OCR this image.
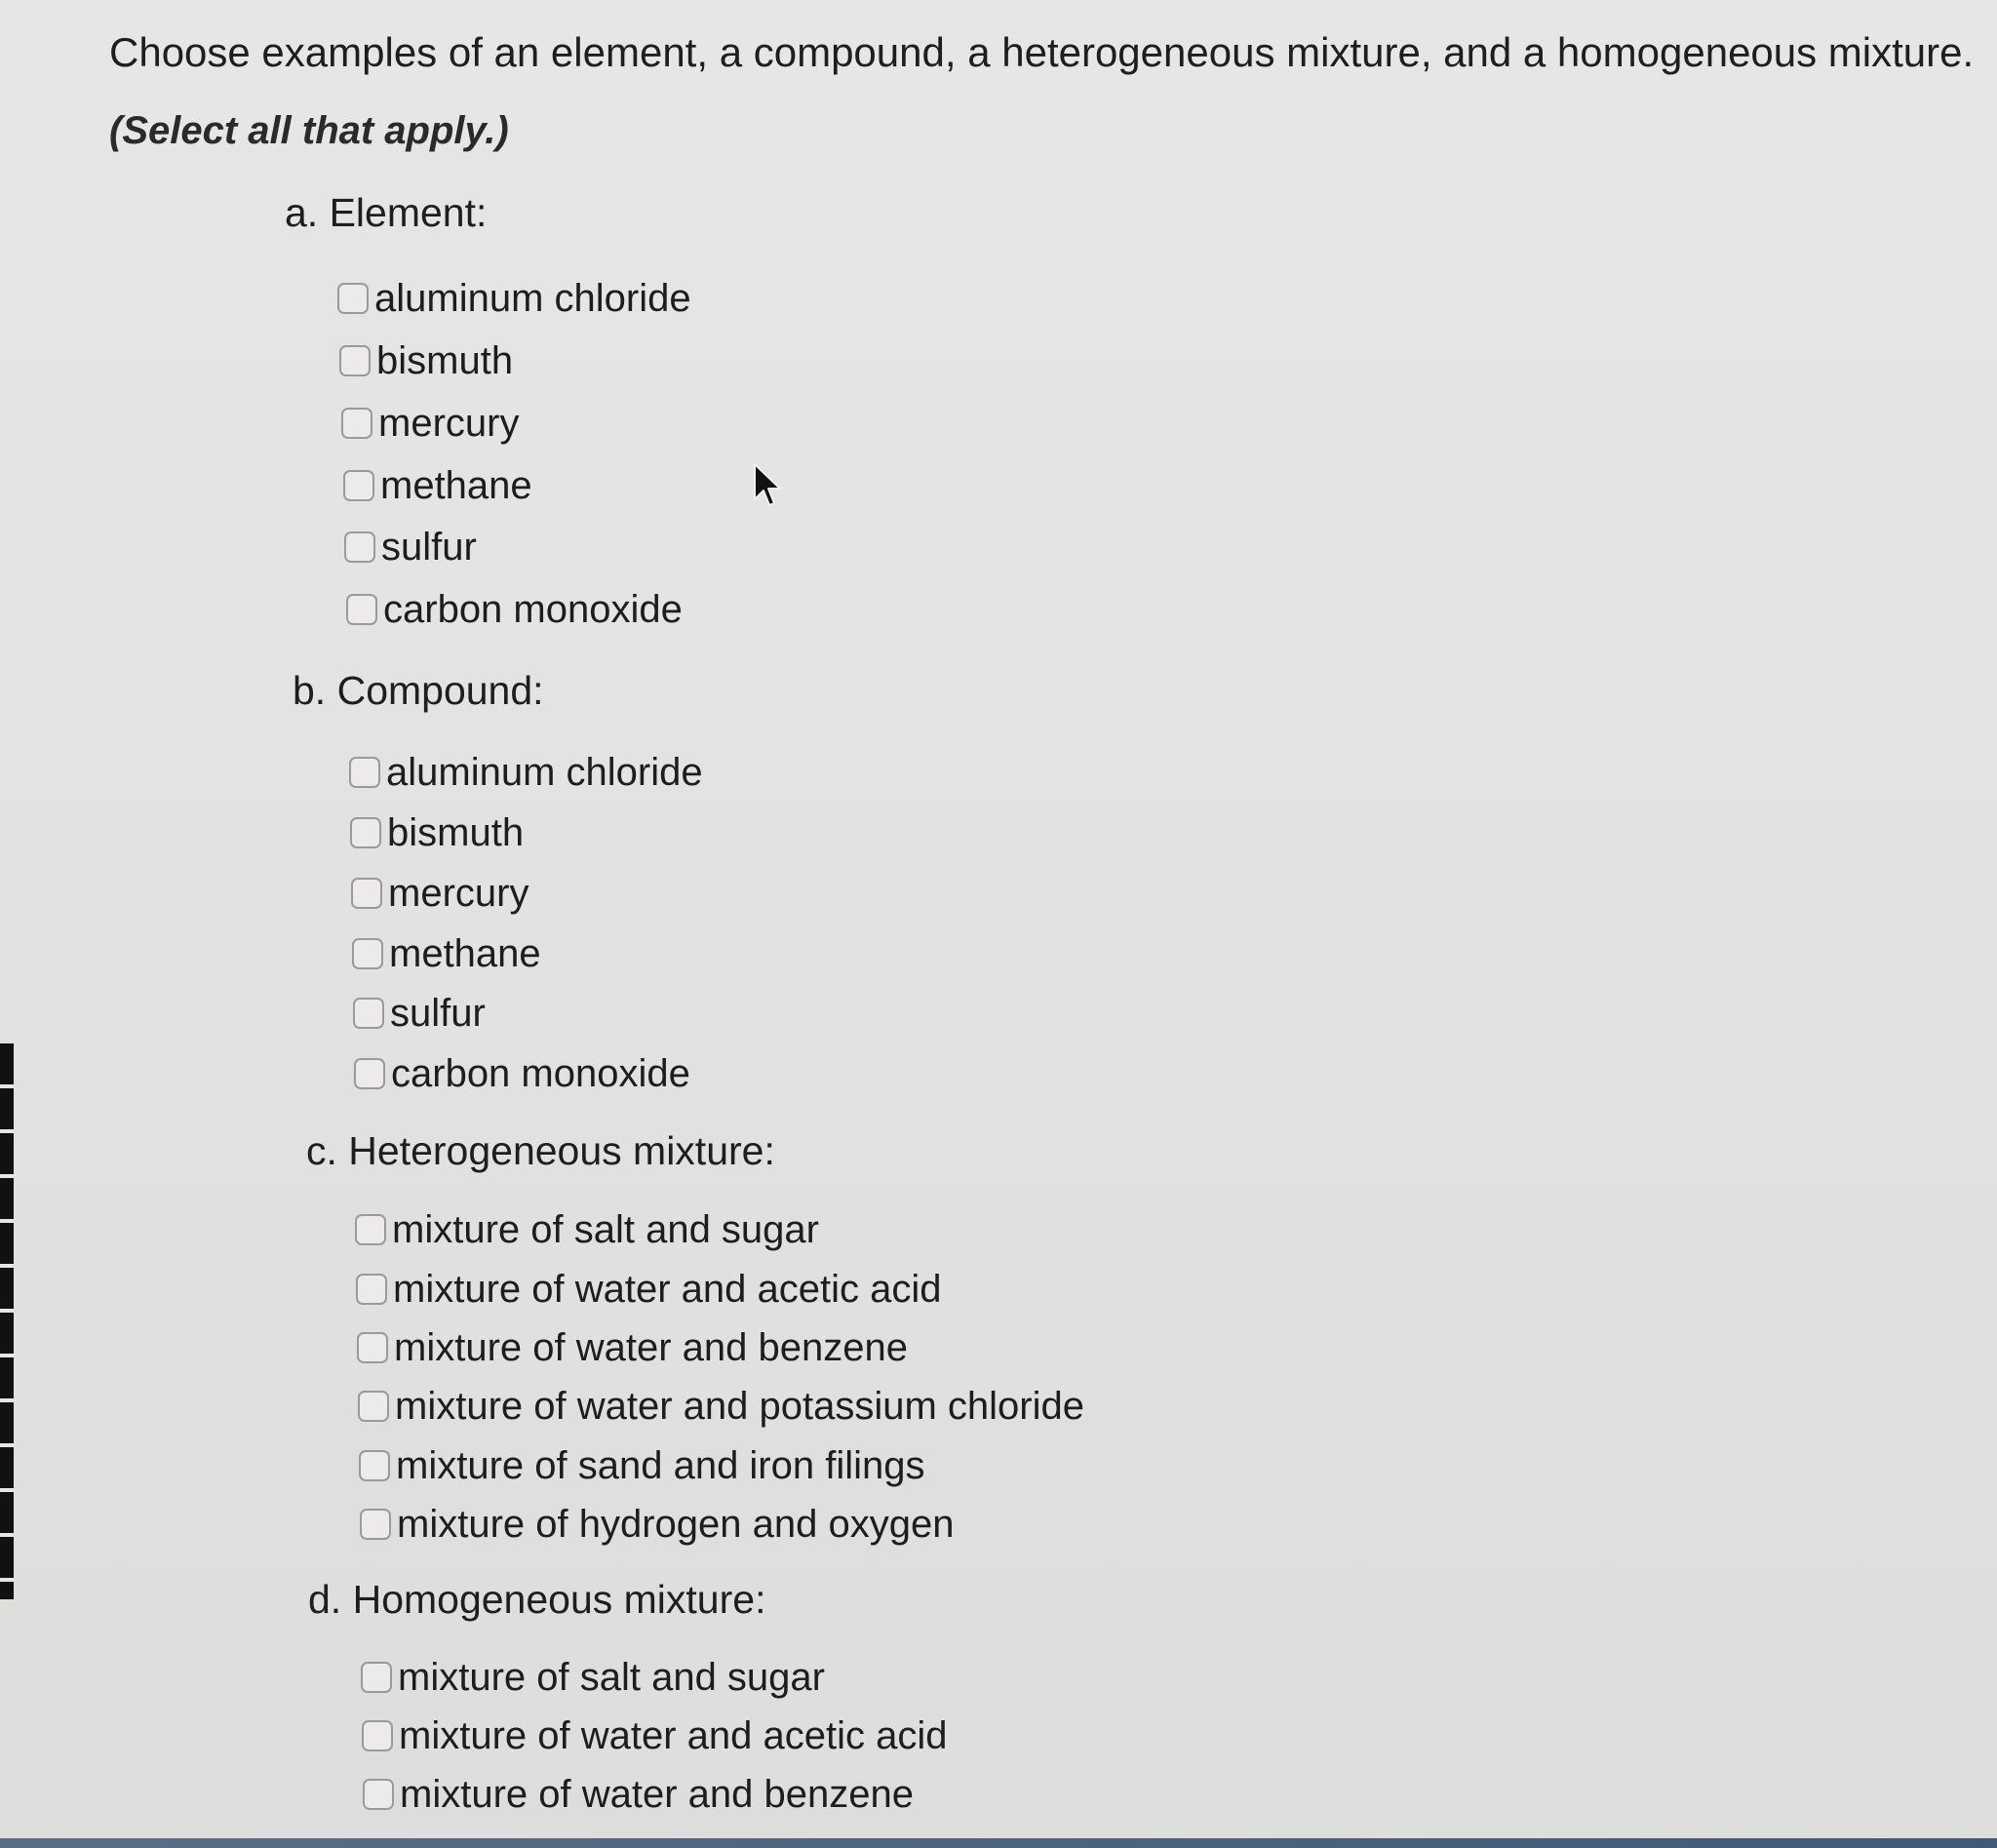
Choose examples of an element, a compound, a heterogeneous mixture, and a homogeneous mixture.
(Select all that apply.)
a. Element:
aluminum chloride
bismuth
mercury
methane
sulfur
carbon monoxide
b. Compound:
aluminum chloride
bismuth
mercury
methane
sulfur
carbon monoxide
c. Heterogeneous mixture:
mixture of salt and sugar
mixture of water and acetic acid
mixture of water and benzene
mixture of water and potassium chloride
mixture of sand and iron filings
mixture of hydrogen and oxygen
d. Homogeneous mixture:
mixture of salt and sugar
mixture of water and acetic acid
mixture of water and benzene
